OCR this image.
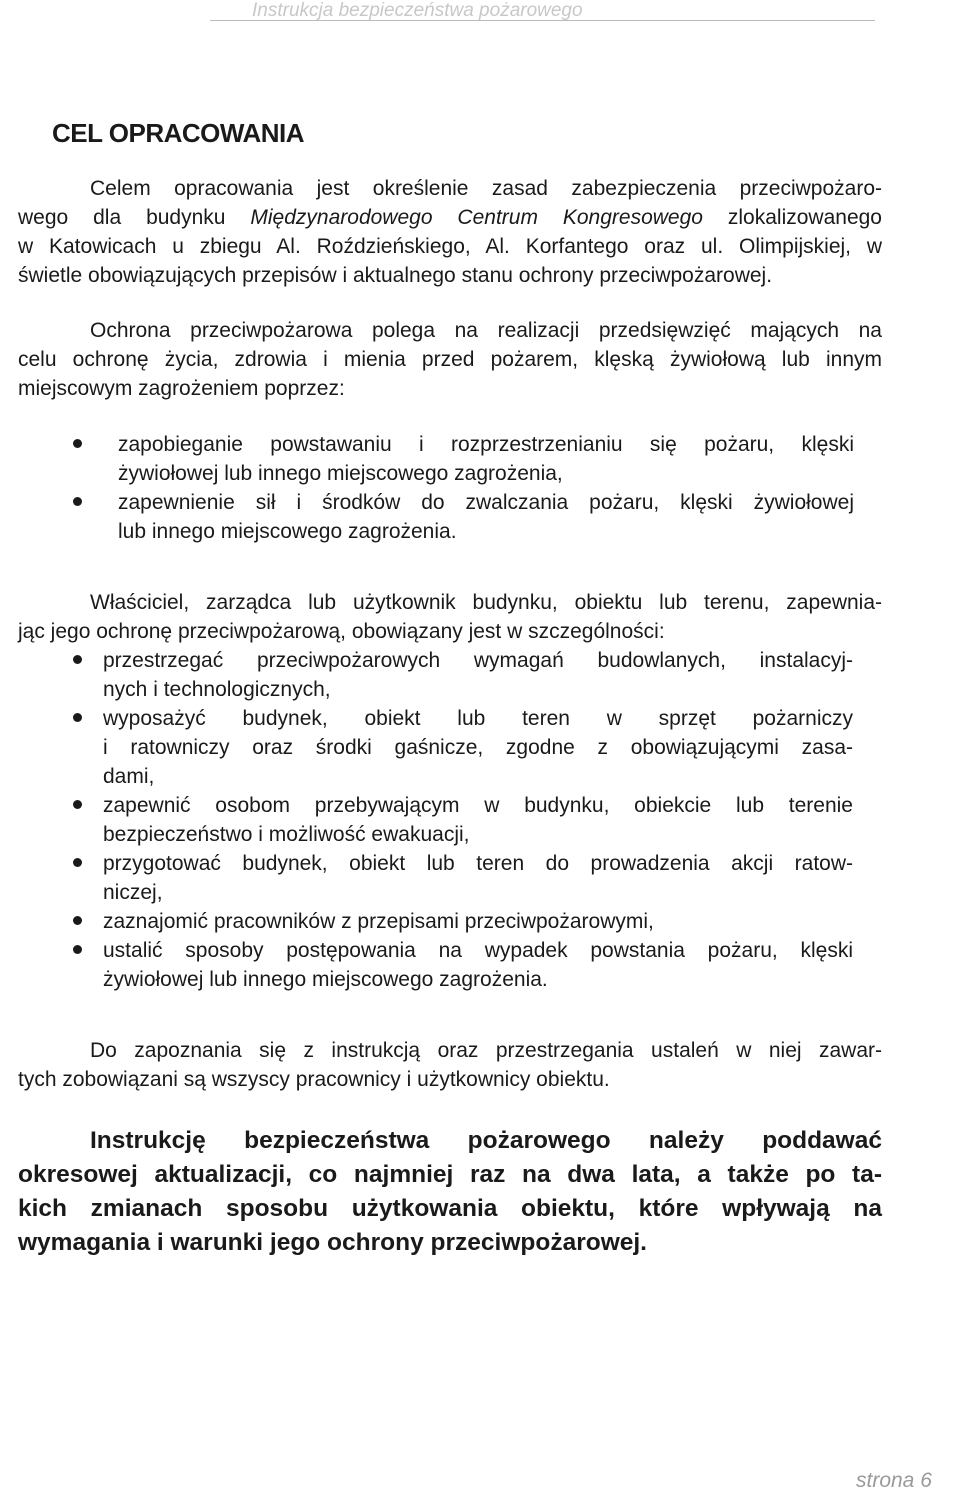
Instrukcja bezpieczeństwa pożarowego
CEL OPRACOWANIA
Celem opracowania jest określenie zasad zabezpieczenia przeciwpożaro-
wego dla budynku Międzynarodowego Centrum Kongresowego zlokalizowanego
w Katowicach u zbiegu Al. Roździeńskiego, Al. Korfantego oraz ul. Olimpijskiej, w
świetle obowiązujących przepisów i aktualnego stanu ochrony przeciwpożarowej.
Ochrona przeciwpożarowa polega na realizacji przedsięwzięć mających na
celu ochronę życia, zdrowia i mienia przed pożarem, klęską żywiołową lub innym
miejscowym zagrożeniem poprzez:
zapobieganie powstawaniu i rozprzestrzenianiu się pożaru, klęski
żywiołowej lub innego miejscowego zagrożenia,
zapewnienie sił i środków do zwalczania pożaru, klęski żywiołowej
lub innego miejscowego zagrożenia.
Właściciel, zarządca lub użytkownik budynku, obiektu lub terenu, zapewnia-
jąc jego ochronę przeciwpożarową, obowiązany jest w szczególności:
przestrzegać przeciwpożarowych wymagań budowlanych, instalacyj-
nych i technologicznych,
wyposażyć budynek, obiekt lub teren w sprzęt pożarniczy
i ratowniczy oraz środki gaśnicze, zgodne z obowiązującymi zasa-
dami,
zapewnić osobom przebywającym w budynku, obiekcie lub terenie
bezpieczeństwo i możliwość ewakuacji,
przygotować budynek, obiekt lub teren do prowadzenia akcji ratow-
niczej,
zaznajomić pracowników z przepisami przeciwpożarowymi,
ustalić sposoby postępowania na wypadek powstania pożaru, klęski
żywiołowej lub innego miejscowego zagrożenia.
Do zapoznania się z instrukcją oraz przestrzegania ustaleń w niej zawar-
tych zobowiązani są wszyscy pracownicy i użytkownicy obiektu.
Instrukcję bezpieczeństwa pożarowego należy poddawać
okresowej aktualizacji, co najmniej raz na dwa lata, a także po ta-
kich zmianach sposobu użytkowania obiektu, które wpływają na
wymagania i warunki jego ochrony przeciwpożarowej.
strona 6
